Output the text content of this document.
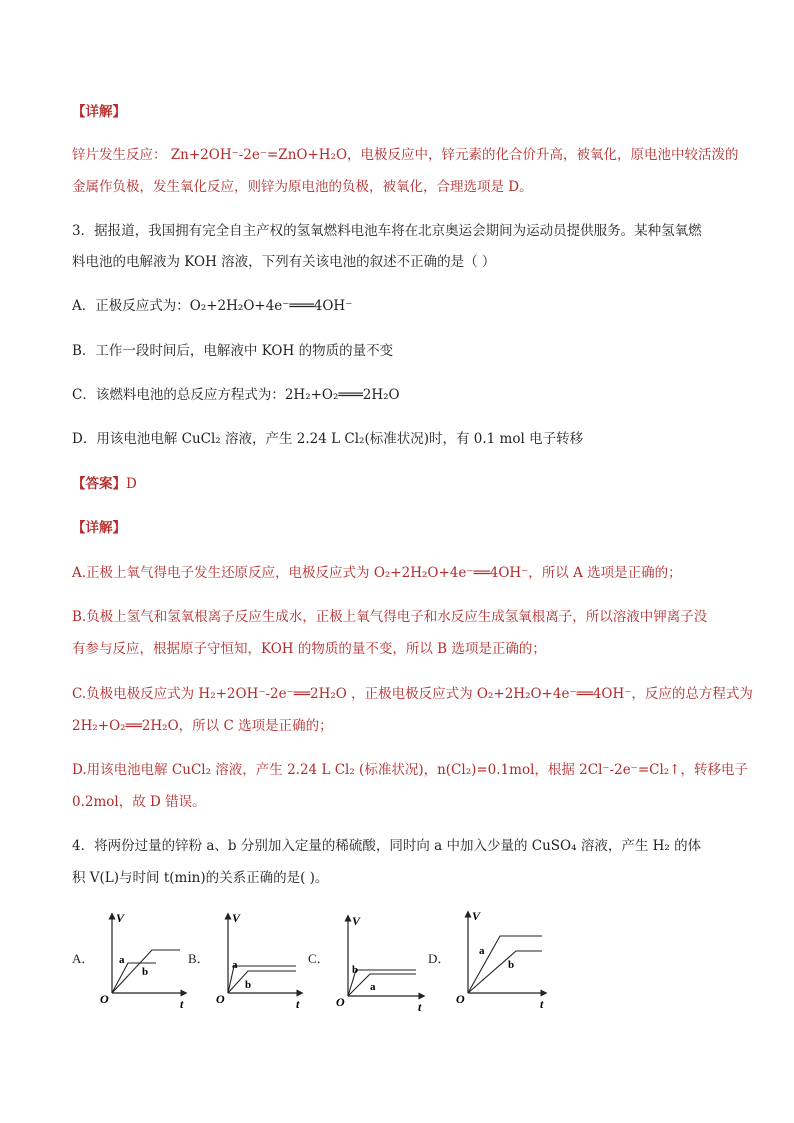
【详解】
锌片发生反应： Zn+2OH⁻-2e⁻=ZnO+H₂O，电极反应中，锌元素的化合价升高，被氧化，原电池中较活泼的
金属作负极，发生氧化反应，则锌为原电池的负极，被氧化，合理选项是 D。
3．据报道，我国拥有完全自主产权的氢氧燃料电池车将在北京奥运会期间为运动员提供服务。某种氢氧燃
料电池的电解液为 KOH 溶液，下列有关该电池的叙述不正确的是（ ）
A．正极反应式为：O₂+2H₂O+4e⁻═══4OH⁻
B．工作一段时间后，电解液中 KOH 的物质的量不变
C．该燃料电池的总反应方程式为：2H₂+O₂═══2H₂O
D．用该电池电解 CuCl₂ 溶液，产生 2.24 L Cl₂(标准状况)时，有 0.1 mol 电子转移
【答案】D
【详解】
A.正极上氧气得电子发生还原反应，电极反应式为 O₂+2H₂O+4e⁻══4OH⁻，所以 A 选项是正确的；
B.负极上氢气和氢氧根离子反应生成水，正极上氧气得电子和水反应生成氢氧根离子，所以溶液中钾离子没
有参与反应，根据原子守恒知，KOH 的物质的量不变，所以 B 选项是正确的；
C.负极电极反应式为 H₂+2OH⁻-2e⁻══2H₂O ，正极电极反应式为 O₂+2H₂O+4e⁻══4OH⁻，反应的总方程式为
2H₂+O₂══2H₂O，所以 C 选项是正确的；
D.用该电池电解 CuCl₂ 溶液，产生 2.24 L Cl₂ (标准状况)，n(Cl₂)=0.1mol，根据 2Cl⁻-2e⁻=Cl₂↑，转移电子
0.2mol，故 D 错误。
4．将两份过量的锌粉 a、b 分别加入定量的稀硫酸，同时向 a 中加入少量的 CuSO₄ 溶液，产生 H₂ 的体
积 V(L)与时间 t(min)的关系正确的是( )。
A．
V
t
O
a
b
B．
V
t
O
a
b
C．
V
t
O
b
a
D．
V
t
O
a
b
